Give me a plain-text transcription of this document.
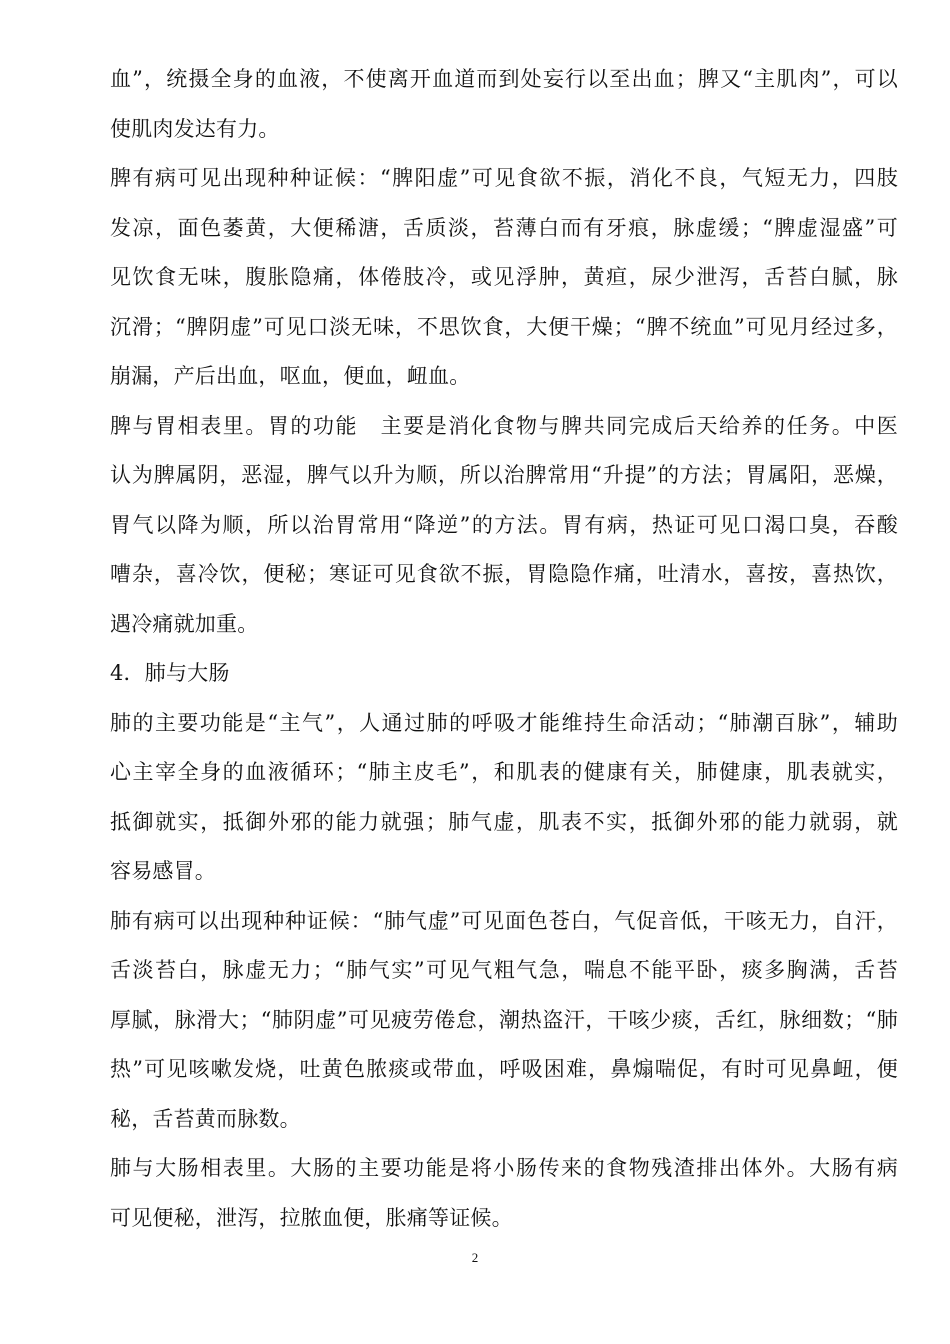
血”，统摄全身的血液，不使离开血道而到处妄行以至出血；脾又“主肌肉”，可以
使肌肉发达有力。
脾有病可见出现种种证候：“脾阳虚”可见食欲不振，消化不良，气短无力，四肢
发凉，面色萎黄，大便稀溏，舌质淡，苔薄白而有牙痕，脉虚缓；“脾虚湿盛”可
见饮食无味，腹胀隐痛，体倦肢冷，或见浮肿，黄疸，尿少泄泻，舌苔白腻，脉
沉滑；“脾阴虚”可见口淡无味，不思饮食，大便干燥；“脾不统血”可见月经过多，
崩漏，产后出血，呕血，便血，衄血。
脾与胃相表里。胃的功能　主要是消化食物与脾共同完成后天给养的任务。中医
认为脾属阴，恶湿，脾气以升为顺，所以治脾常用“升提”的方法；胃属阳，恶燥，
胃气以降为顺，所以治胃常用“降逆”的方法。胃有病，热证可见口渴口臭，吞酸
嘈杂，喜冷饮，便秘；寒证可见食欲不振，胃隐隐作痛，吐清水，喜按，喜热饮，
遇冷痛就加重。
4．肺与大肠
肺的主要功能是“主气”，人通过肺的呼吸才能维持生命活动；“肺潮百脉”，辅助
心主宰全身的血液循环；“肺主皮毛”，和肌表的健康有关，肺健康，肌表就实，
抵御就实，抵御外邪的能力就强；肺气虚，肌表不实，抵御外邪的能力就弱，就
容易感冒。
肺有病可以出现种种证候：“肺气虚”可见面色苍白，气促音低，干咳无力，自汗，
舌淡苔白，脉虚无力；“肺气实”可见气粗气急，喘息不能平卧，痰多胸满，舌苔
厚腻，脉滑大；“肺阴虚”可见疲劳倦怠，潮热盗汗，干咳少痰，舌红，脉细数；“肺
热”可见咳嗽发烧，吐黄色脓痰或带血，呼吸困难，鼻煽喘促，有时可见鼻衄，便
秘，舌苔黄而脉数。
肺与大肠相表里。大肠的主要功能是将小肠传来的食物残渣排出体外。大肠有病
可见便秘，泄泻，拉脓血便，胀痛等证候。
2
